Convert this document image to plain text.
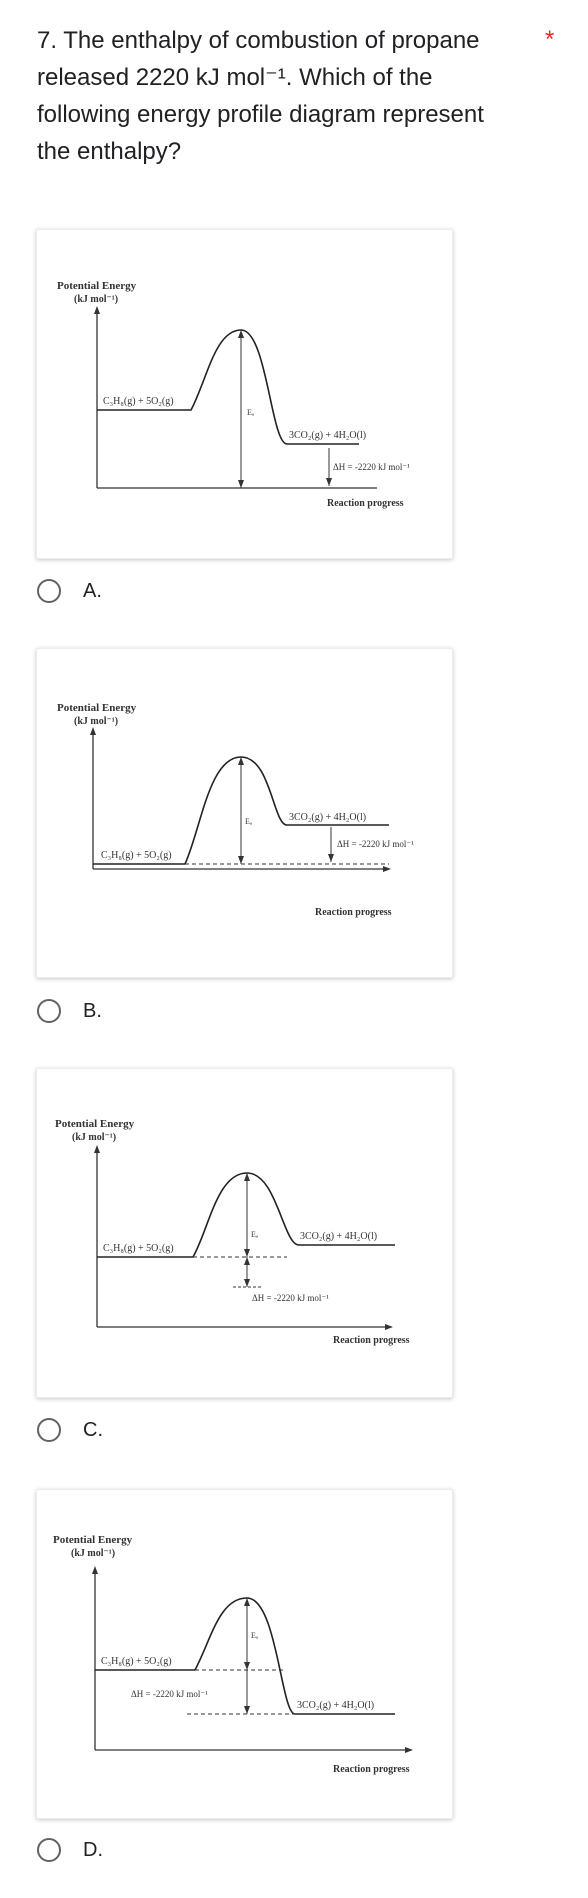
7. The enthalpy of combustion of propane released 2220 kJ mol⁻¹. Which of the following energy profile diagram represent the enthalpy?
*
Potential Energy
(kJ mol⁻¹)
C₃H₈(g) + 5O₂(g)
Eₐ
3CO₂(g) + 4H₂O(l)
ΔH = -2220 kJ mol⁻¹
Reaction progress
A.
Potential Energy
(kJ mol⁻¹)
C₃H₈(g) + 5O₂(g)
Eₐ	3CO₂(g) + 4H₂O(l)
ΔH = -2220 kJ mol⁻¹
Reaction progress
B.
Potential Energy
(kJ mol⁻¹)
C₃H₈(g) + 5O₂(g)
Eₐ	3CO₂(g) + 4H₂O(l)
ΔH = -2220 kJ mol⁻¹
Reaction progress
C.
Potential Energy
(kJ mol⁻¹)
C₃H₈(g) + 5O₂(g)
Eₐ
ΔH = -2220 kJ mol⁻¹
3CO₂(g) + 4H₂O(l)
Reaction progress
D.
